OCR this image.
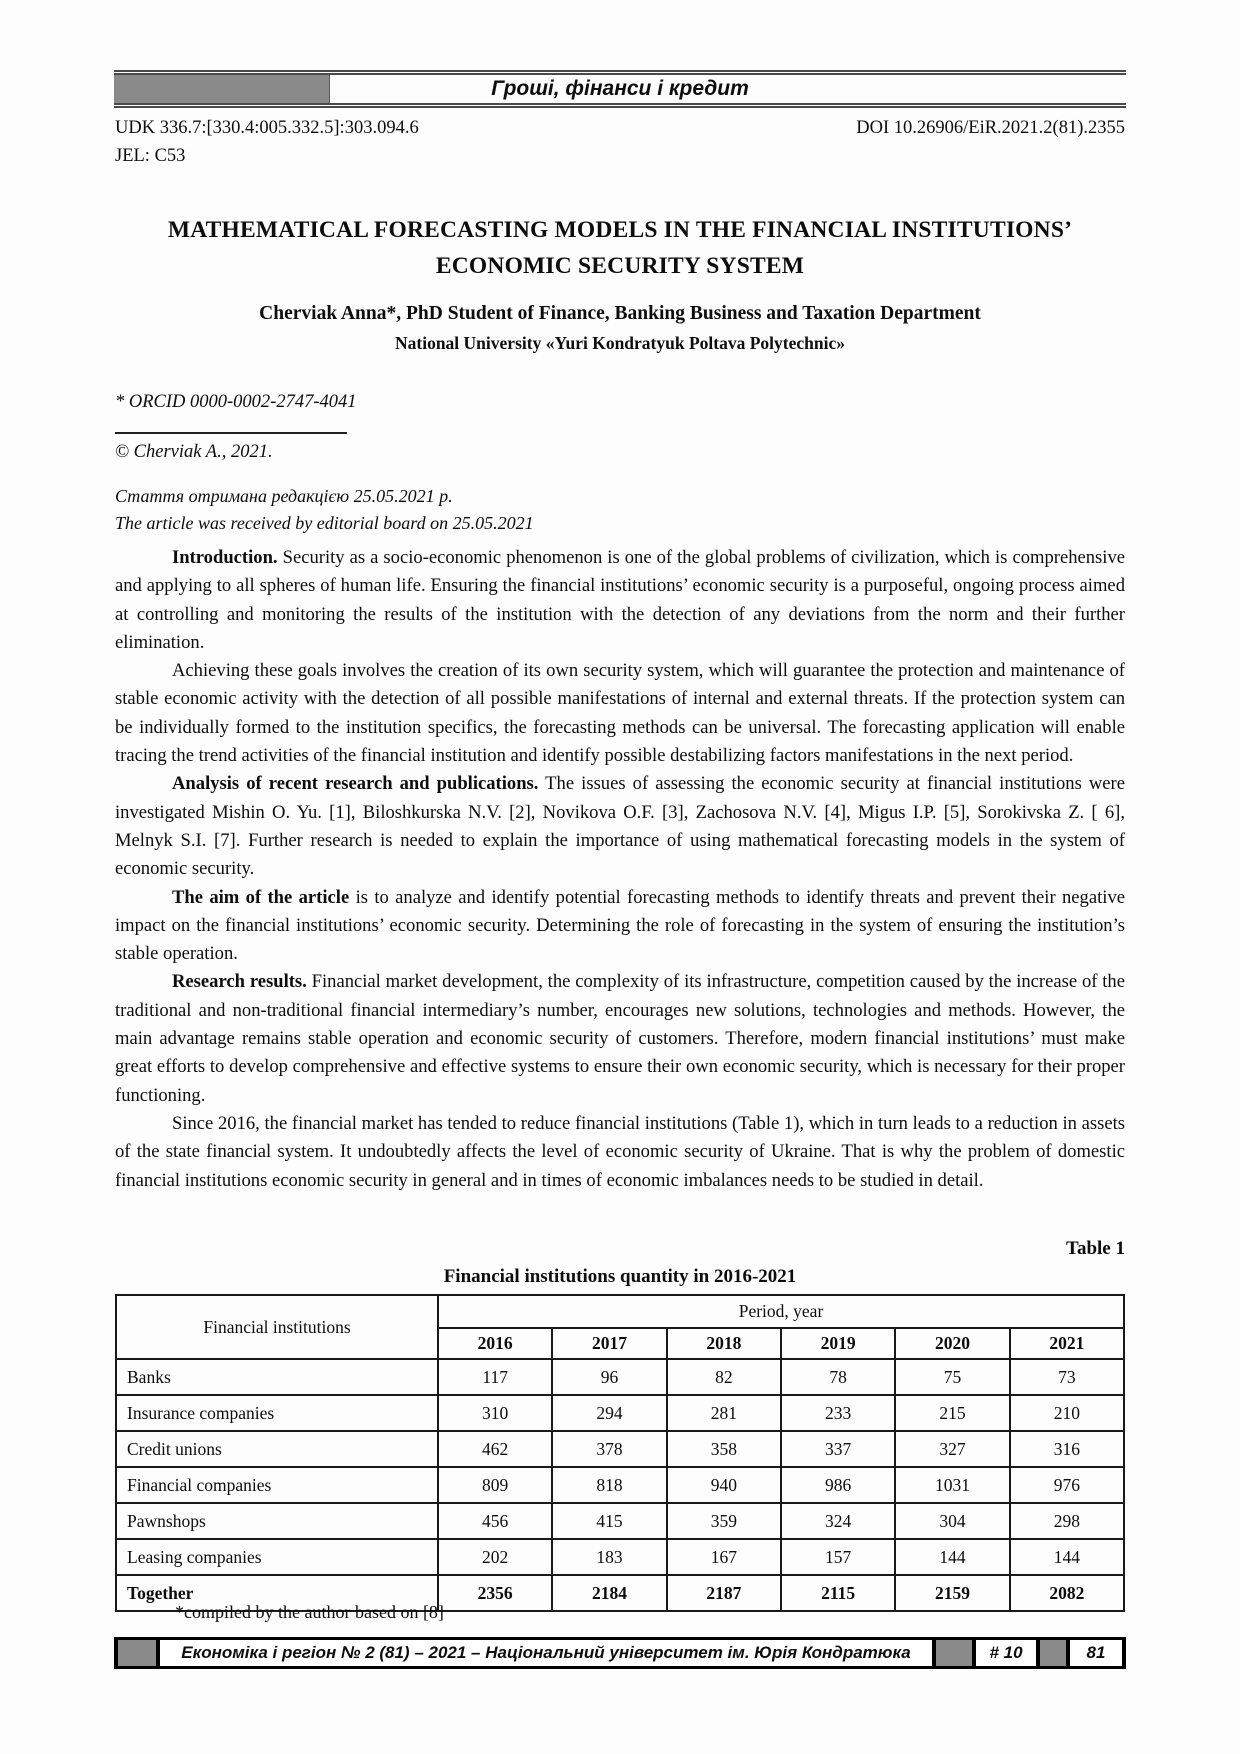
Гроші, фінанси і кредит
UDK 336.7:[330.4:005.332.5]:303.094.6	DOI 10.26906/EiR.2021.2(81).2355
JEL: C53
MATHEMATICAL FORECASTING MODELS IN THE FINANCIAL INSTITUTIONS’ ECONOMIC SECURITY SYSTEM
Cherviak Anna*, PhD Student of Finance, Banking Business and Taxation Department
National University «Yuri Kondratyuk Poltava Polytechnic»
* ORCID 0000-0002-2747-4041
© Cherviak A., 2021.
Стаття отримана редакцією 25.05.2021 р.
The article was received by editorial board on 25.05.2021

Introduction. Security as a socio-economic phenomenon is one of the global problems of civilization, which is comprehensive and applying to all spheres of human life. Ensuring the financial institutions’ economic security is a purposeful, ongoing process aimed at controlling and monitoring the results of the institution with the detection of any deviations from the norm and their further elimination.

Achieving these goals involves the creation of its own security system, which will guarantee the protection and maintenance of stable economic activity with the detection of all possible manifestations of internal and external threats. If the protection system can be individually formed to the institution specifics, the forecasting methods can be universal. The forecasting application will enable tracing the trend activities of the financial institution and identify possible destabilizing factors manifestations in the next period.

Analysis of recent research and publications. The issues of assessing the economic security at financial institutions were investigated Mishin O. Yu. [1], Biloshkurska N.V. [2], Novikova O.F. [3], Zachosova N.V. [4], Migus I.P. [5], Sorokivska Z. [ 6], Melnyk S.I. [7]. Further research is needed to explain the importance of using mathematical forecasting models in the system of economic security.

The aim of the article is to analyze and identify potential forecasting methods to identify threats and prevent their negative impact on the financial institutions’ economic security. Determining the role of forecasting in the system of ensuring the institution’s stable operation.

Research results. Financial market development, the complexity of its infrastructure, competition caused by the increase of the traditional and non-traditional financial intermediary’s number, encourages new solutions, technologies and methods. However, the main advantage remains stable operation and economic security of customers. Therefore, modern financial institutions’ must make great efforts to develop comprehensive and effective systems to ensure their own economic security, which is necessary for their proper functioning.

Since 2016, the financial market has tended to reduce financial institutions (Table 1), which in turn leads to a reduction in assets of the state financial system. It undoubtedly affects the level of economic security of Ukraine. That is why the problem of domestic financial institutions economic security in general and in times of economic imbalances needs to be studied in detail.

Table 1
Financial institutions quantity in 2016-2021
Financial institutions	Period, year					
	2016	2017	2018	2019	2020	2021
Banks	117	96	82	78	75	73
Insurance companies	310	294	281	233	215	210
Credit unions	462	378	358	337	327	316
Financial companies	809	818	940	986	1031	976
Pawnshops	456	415	359	324	304	298
Leasing companies	202	183	167	157	144	144
Together	2356	2184	2187	2115	2159	2082
*compiled by the author based on [8]
Економіка і регіон № 2 (81) – 2021 – Національний університет ім. Юрія Кондратюка	# 10	81
